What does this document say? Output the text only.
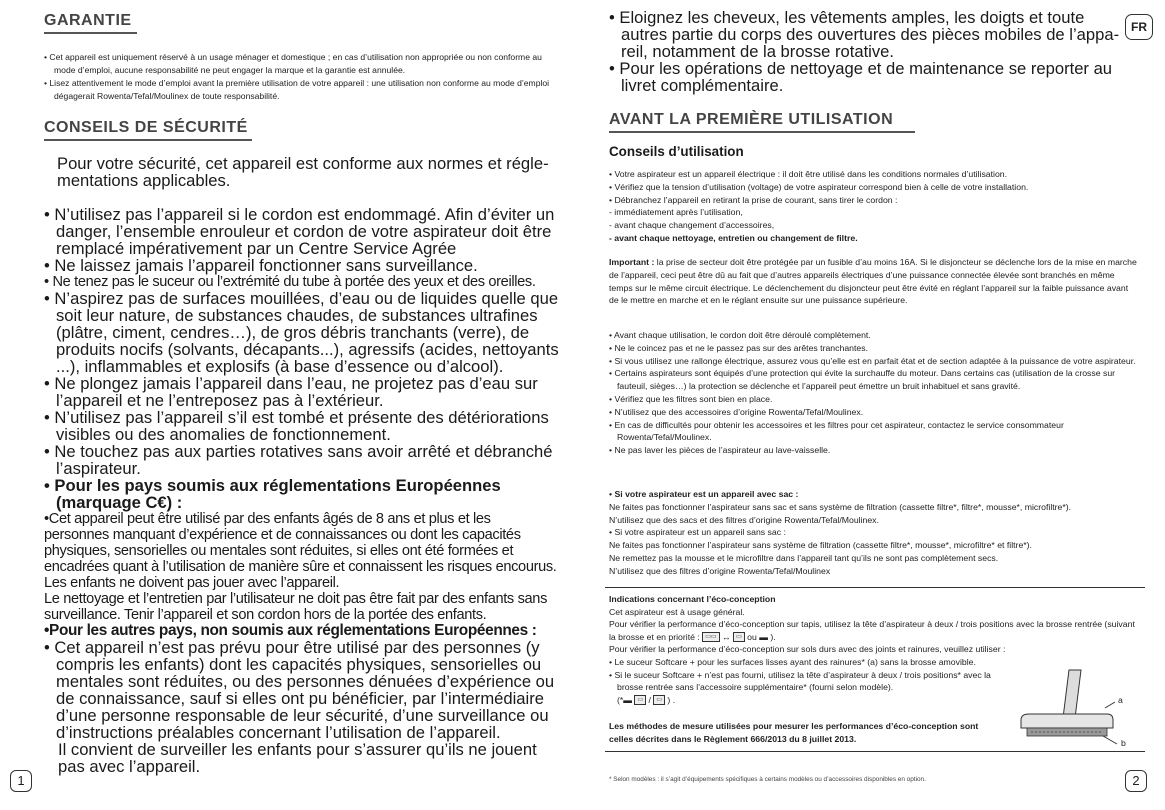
GARANTIE
• Cet appareil est uniquement réservé à un usage ménager et domestique ; en cas d’utilisation non appropriée ou non conforme au mode d’emploi, aucune responsabilité ne peut engager la marque et la garantie est annulée.
• Lisez attentivement le mode d’emploi avant la première utilisation de votre appareil : une utilisation non conforme au mode d’emploi dégagerait Rowenta/Tefal/Moulinex de toute responsabilité.
CONSEILS DE SÉCURITÉ
Pour votre sécurité, cet appareil est conforme aux normes et réglementations applicables.
• N’utilisez pas l’appareil si le cordon est endommagé. Afin d’éviter un danger, l’ensemble enrouleur et cordon de votre aspirateur doit être remplacé impérativement par un Centre Service Agrée
• Ne laissez jamais l’appareil fonctionner sans surveillance.
• Ne tenez pas le suceur ou l’extrémité du tube à portée des yeux et des oreilles.
• N’aspirez pas de surfaces mouillées, d’eau ou de liquides quelle que soit leur nature, de substances chaudes, de substances ultrafines (plâtre, ciment, cendres…), de gros débris tranchants (verre), de produits nocifs (solvants, décapants...), agressifs (acides, nettoyants ...), inflammables et explosifs (à base d’essence ou d’alcool).
• Ne plongez jamais l’appareil dans l’eau, ne projetez pas d’eau sur l’appareil et ne l’entreposez pas à l’extérieur.
• N’utilisez pas l’appareil s’il est tombé et présente des détériorations visibles ou des anomalies de fonctionnement.
• Ne touchez pas aux parties rotatives sans avoir arrêté et débranché l’aspirateur.
• Pour les pays soumis aux réglementations Européennes (marquage C€) :
•Cet appareil peut être utilisé par des enfants âgés de 8 ans et plus et les personnes manquant d’expérience et de connaissances ou dont les capacités physiques, sensorielles ou mentales sont réduites, si elles ont été formées et encadrées quant à l’utilisation de manière sûre et connaissent les risques encourus. Les enfants ne doivent pas jouer avec l’appareil.
Le nettoyage et l’entretien par l’utilisateur ne doit pas être fait par des enfants sans surveillance. Tenir l’appareil et son cordon hors de la portée des enfants.
•Pour les autres pays, non soumis aux réglementations Européennes :
• Cet appareil n’est pas prévu pour être utilisé par des personnes (y compris les enfants) dont les capacités physiques, sensorielles ou mentales sont réduites, ou des personnes dénuées d’expérience ou de connaissance, sauf si elles ont pu bénéficier, par l’intermédiaire d’une personne responsable de leur sécurité, d’une surveillance ou d’instructions préalables concernant l’utilisation de l’appareil.
Il convient de surveiller les enfants pour s’assurer qu’ils ne jouent pas avec l’appareil.
1
FR
• Eloignez les cheveux, les vêtements amples, les doigts et toute autres partie du corps des ouvertures des pièces mobiles de l’appareil, notamment de la brosse rotative.
• Pour les opérations de nettoyage et de maintenance se reporter au livret complémentaire.
AVANT LA PREMIÈRE UTILISATION
Conseils d’utilisation
• Votre aspirateur est un appareil électrique : il doit être utilisé dans les conditions normales d’utilisation.
• Vérifiez que la tension d’utilisation (voltage) de votre aspirateur correspond bien à celle de votre installation.
• Débranchez l’appareil en retirant la prise de courant, sans tirer le cordon :
- immédiatement après l’utilisation,
- avant chaque changement d’accessoires,
- avant chaque nettoyage, entretien ou changement de filtre.
Important : la prise de secteur doit être protégée par un fusible d’au moins 16A. Si le disjoncteur se déclenche lors de la mise en marche de l’appareil, ceci peut être dû au fait que d’autres appareils électriques d’une puissance connectée élevée sont branchés en même temps sur le même circuit électrique. Le déclenchement du disjoncteur peut être évité en réglant l’appareil sur la faible puissance avant de le mettre en marche et en le réglant ensuite sur une puissance supérieure.
• Avant chaque utilisation, le cordon doit être déroulé complètement.
• Ne le coincez pas et ne le passez pas sur des arêtes tranchantes.
• Si vous utilisez une rallonge électrique, assurez vous qu’elle est en parfait état et de section adaptée à la puissance de votre aspirateur.
• Certains aspirateurs sont équipés d’une protection qui évite la surchauffe du moteur. Dans certains cas (utilisation de la crosse sur fauteuil, sièges…) la protection se déclenche et l’appareil peut émettre un bruit inhabituel et sans gravité.
• Vérifiez que les filtres sont bien en place.
• N’utilisez que des accessoires d’origine Rowenta/Tefal/Moulinex.
• En cas de difficultés pour obtenir les accessoires et les filtres pour cet aspirateur, contactez le service consommateur Rowenta/Tefal/Moulinex.
• Ne pas laver les pièces de l’aspirateur au lave-vaisselle.
• Si votre aspirateur est un appareil avec sac :
Ne faites pas fonctionner l’aspirateur sans sac et sans système de filtration (cassette filtre*, filtre*, mousse*, microfiltre*).
N’utilisez que des sacs et des filtres d’origine Rowenta/Tefal/Moulinex.
• Si votre aspirateur est un appareil sans sac :
Ne faites pas fonctionner l’aspirateur sans système de filtration (cassette filtre*, mousse*, microfiltre* et filtre*).
Ne remettez pas la mousse et le microfiltre dans l’appareil tant qu’ils ne sont pas complètement secs.
N’utilisez que des filtres d’origine Rowenta/Tefal/Moulinex
Indications concernant l’éco-conception
Cet aspirateur est à usage général.
Pour vérifier la performance d’éco-conception sur tapis, utilisez la tête d’aspirateur à deux / trois positions avec la brosse rentrée (suivant la brosse et en priorité : ▭▭ ↔ ▭ ou ▬ ).
Pour vérifier la performance d’éco-conception sur sols durs avec des joints et rainures, veuillez utiliser :
• Le suceur Softcare + pour les surfaces lisses ayant des rainures* (a) sans la brosse amovible.
• Si le suceur Softcare + n’est pas fourni, utilisez la tête d’aspirateur à deux / trois positions* avec la brosse rentrée sans l’accessoire supplémentaire* (fourni selon modèle).
(*▬ ▭ / ▭ ) .
Les méthodes de mesure utilisées pour mesurer les performances d’éco-conception sont celles décrites dans le Règlement 666/2013 du 8 juillet 2013.
a
b
* Selon modèles : il s’agit d’équipements spécifiques à certains modèles ou d’accessoires disponibles en option.	2
